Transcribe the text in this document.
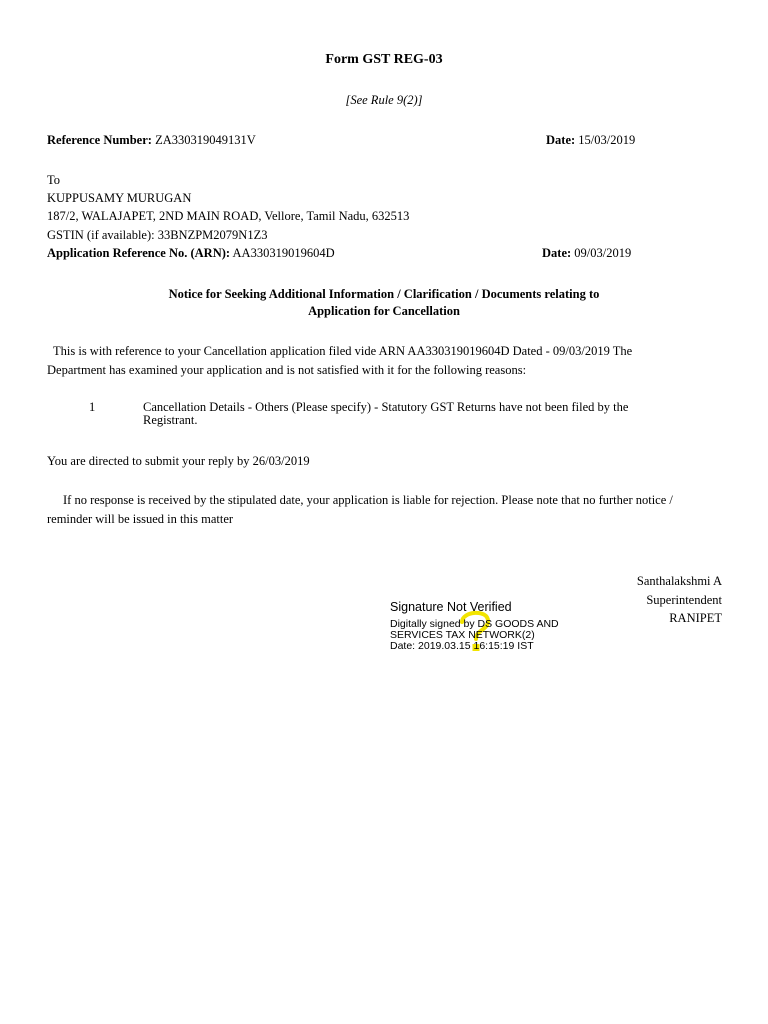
Form GST REG-03
[See Rule 9(2)]
Reference Number: ZA330319049131V	Date: 15/03/2019
To
KUPPUSAMY MURUGAN
187/2, WALAJAPET, 2ND MAIN ROAD, Vellore, Tamil Nadu, 632513
GSTIN (if available): 33BNZPM2079N1Z3
Application Reference No. (ARN): AA330319019604D	Date: 09/03/2019
Notice for Seeking Additional Information / Clarification / Documents relating to
Application for Cancellation
This is with reference to your Cancellation application filed vide ARN AA330319019604D Dated - 09/03/2019 The
Department has examined your application and is not satisfied with it for the following reasons:
1	Cancellation Details - Others (Please specify) - Statutory GST Returns have not been filed by the
Registrant.
You are directed to submit your reply by 26/03/2019
If no response is received by the stipulated date, your application is liable for rejection. Please note that no further notice /
reminder will be issued in this matter
Santhalakshmi A
Superintendent
RANIPET
Signature Not Verified
Digitally signed by DS GOODS AND
SERVICES TAX NETWORK(2)
Date: 2019.03.15 16:15:19 IST
